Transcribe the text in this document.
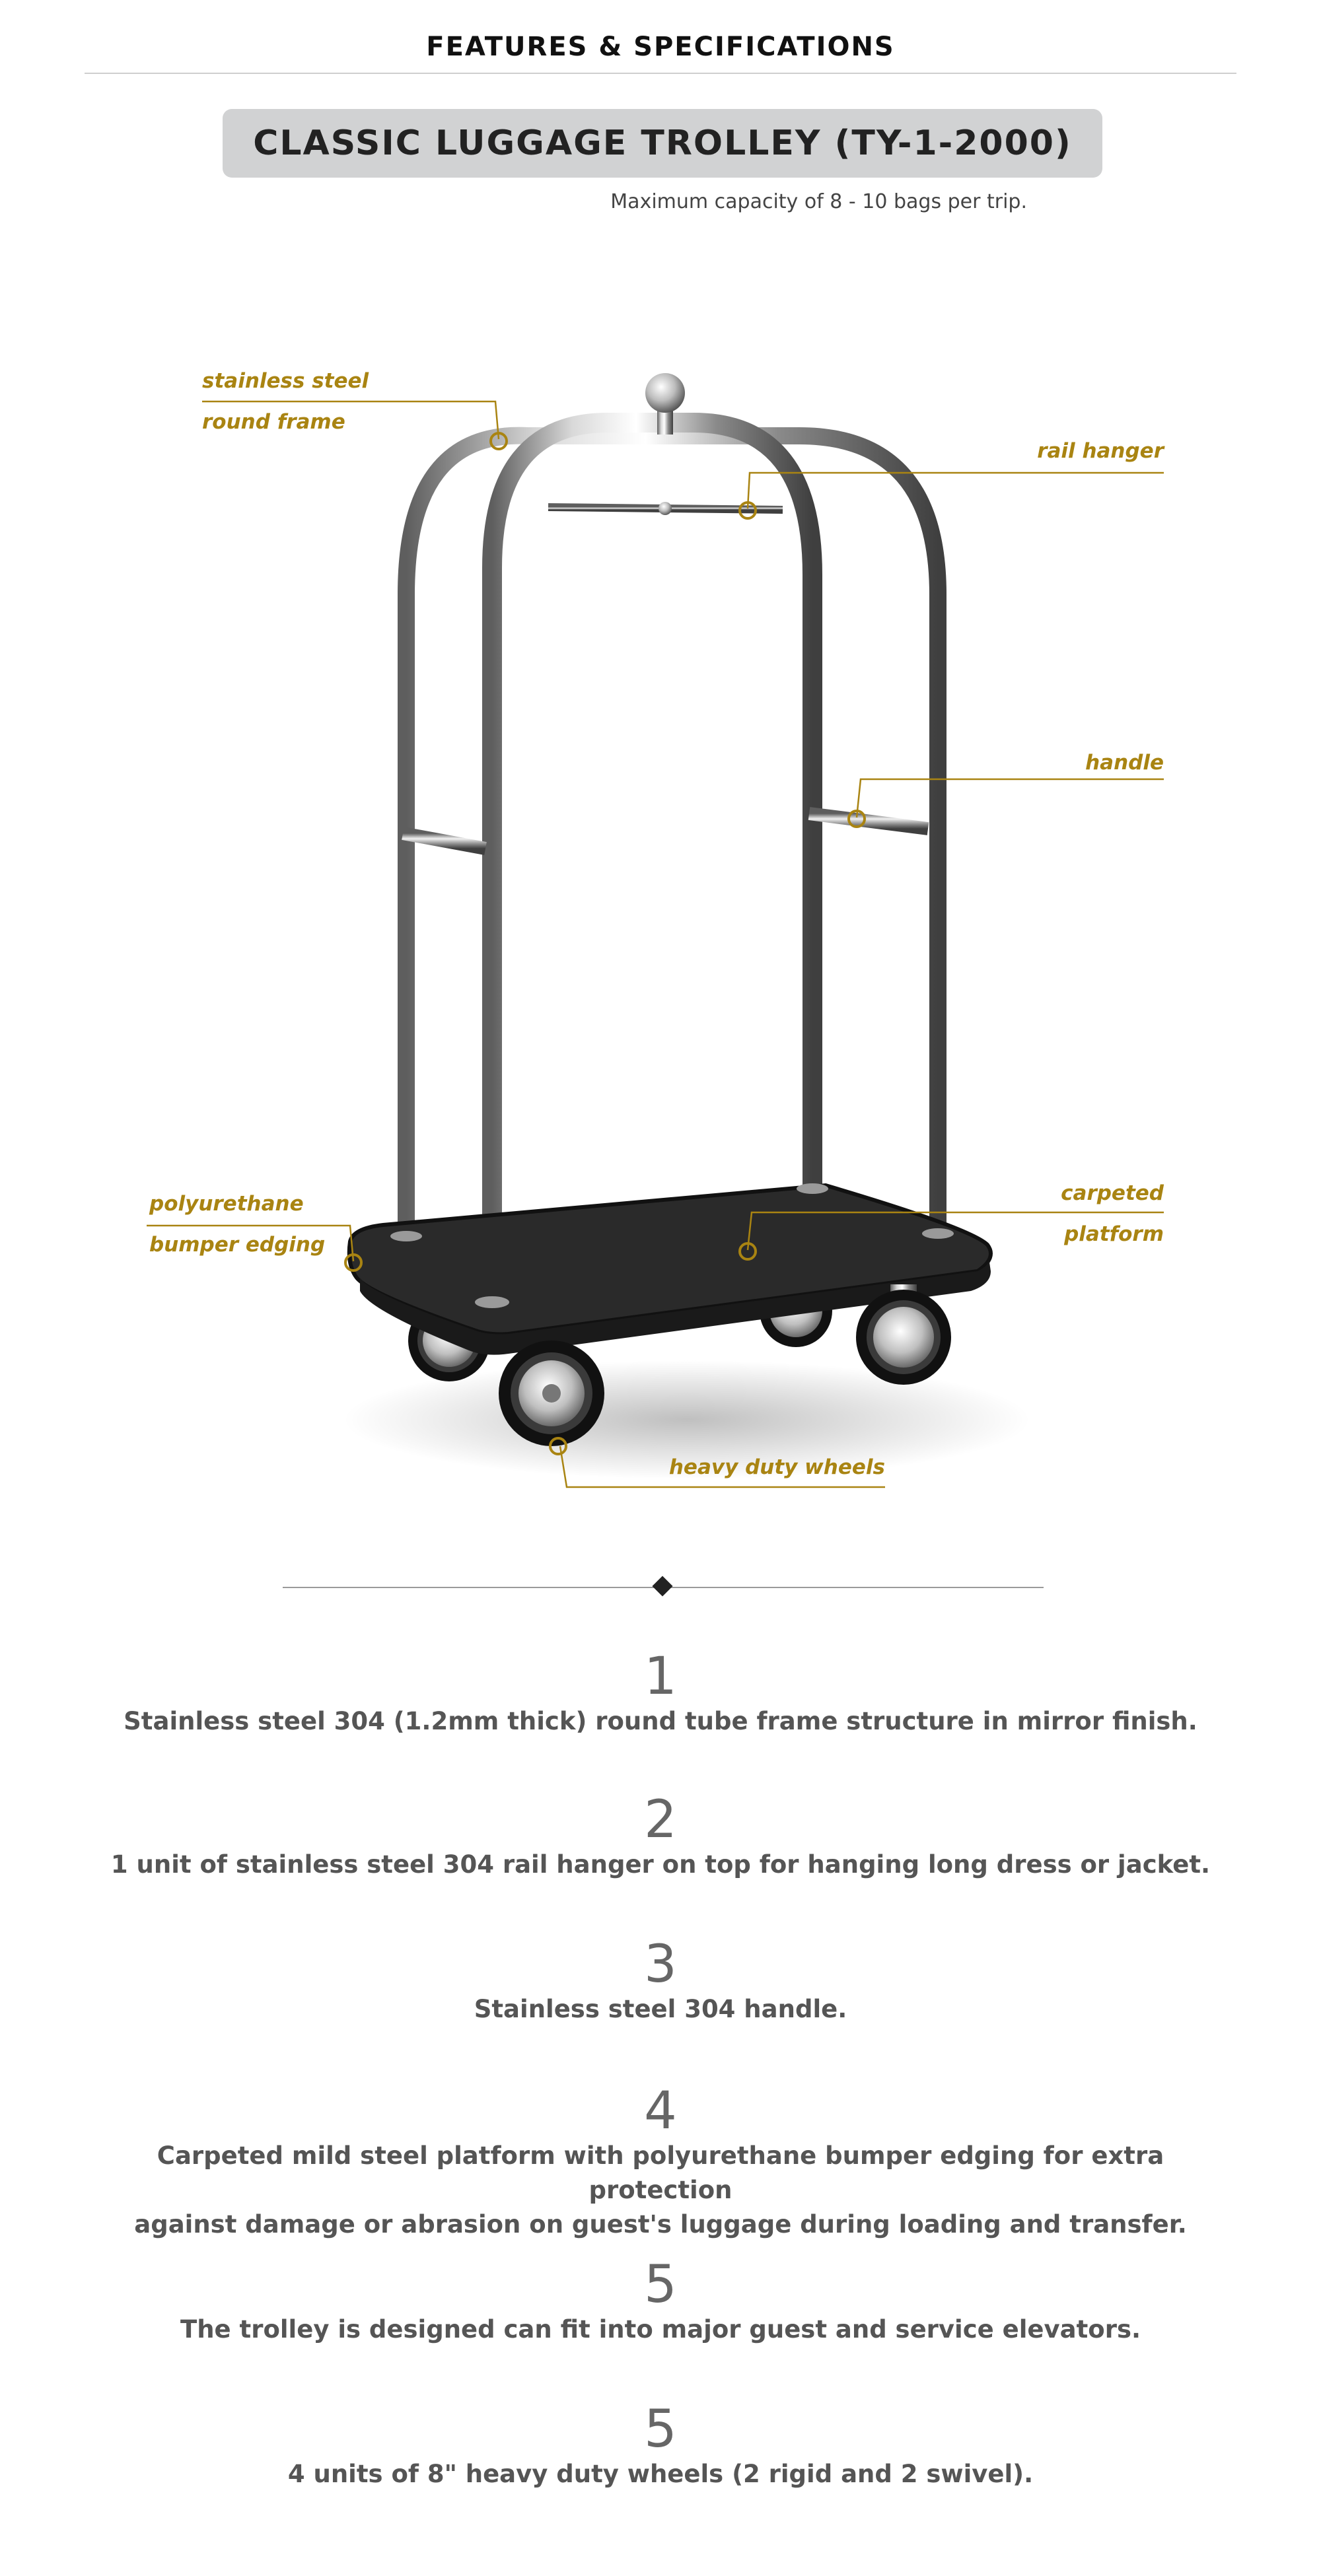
FEATURES & SPECIFICATIONS
CLASSIC LUGGAGE TROLLEY (TY-1-2000)
Maximum capacity of 8 - 10 bags per trip.
stainless steel
round frame
rail hanger
handle
polyurethane
bumper edging
carpeted
platform
heavy duty wheels
1
Stainless steel 304 (1.2mm thick) round tube frame structure in mirror finish.
2
1 unit of stainless steel 304 rail hanger on top for hanging long dress or jacket.
3
Stainless steel 304 handle.
4
Carpeted mild steel platform with polyurethane bumper edging for extra protection
against damage or abrasion on guest's luggage during loading and transfer.
5
The trolley is designed can fit into major guest and service elevators.
5
4 units of 8" heavy duty wheels (2 rigid and 2 swivel).
